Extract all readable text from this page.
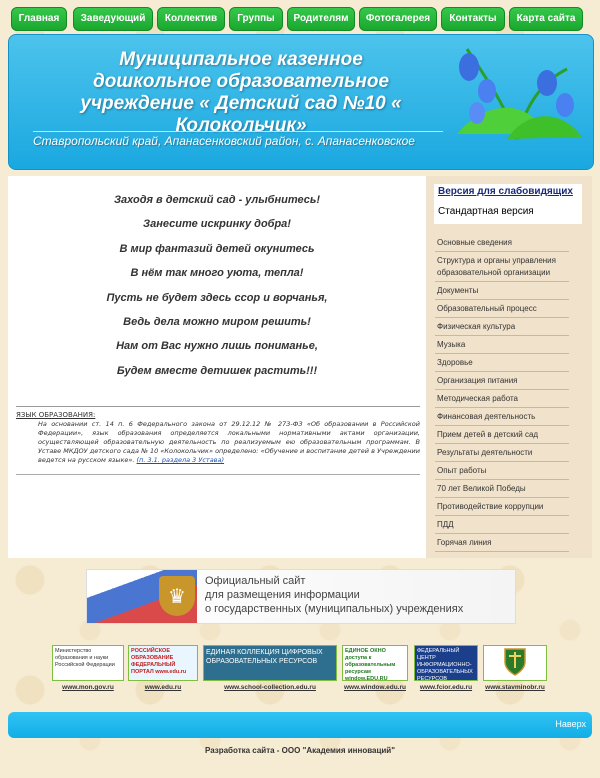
Главная	Заведующий	Коллектив	Группы	Родителям	Фотогалерея	Контакты	Карта сайта
Муниципальное казенное дошкольное образовательное учреждение « Детский сад №10 « Колокольчик»
Ставропольский край, Апанасенковский район, с. Апанасенковское
Заходя в детский сад - улыбнитесь!
Занесите искринку добра!
В мир фантазий детей окунитесь
В нём так много уюта, тепла!
Пусть не будет здесь ссор и ворчанья,
Ведь дела можно миром решить!
Нам от Вас нужно лишь пониманье,
Будем вместе детишек растить!!!
ЯЗЫК ОБРАЗОВАНИЯ:
На основании ст. 14 п. 6 Федерального закона от 29.12.12 № 273-ФЗ «Об образовании в Российской Федерации», язык образования определяется локальными нормативными актами организации, осуществляющей образовательную деятельность по реализуемым ею образовательным программам. В Уставе МКДОУ детского сада № 10 «Колокольчик» определено: «Обучение и воспитание детей в Учреждении ведется на русском языке». (п. 3.1. раздела 3 Устава)
Версия для слабовидящих
Стандартная версия
Основные сведения
Структура и органы управления образовательной организации
Документы
Образовательный процесс
Физическая культура
Музыка
Здоровье
Организация питания
Методическая работа
Финансовая деятельность
Прием детей в детский сад
Результаты деятельности
Опыт работы
70 лет Великой Победы
Противодействие коррупции
ПДД
Горячая линия
♛
Официальный сайт
для размещения информации
о государственных (муниципальных) учреждениях
Министерство образования и науки Российской Федерации
www.mon.gov.ru
РОССИЙСКОЕ ОБРАЗОВАНИЕ ФЕДЕРАЛЬНЫЙ ПОРТАЛ www.edu.ru
www.edu.ru
ЕДИНАЯ КОЛЛЕКЦИЯ ЦИФРОВЫХ ОБРАЗОВАТЕЛЬНЫХ РЕСУРСОВ
www.school-collection.edu.ru
ЕДИНОЕ ОКНО доступа к образовательным ресурсам window.EDU.RU
www.window.edu.ru
ФЕДЕРАЛЬНЫЙ ЦЕНТР ИНФОРМАЦИОННО-ОБРАЗОВАТЕЛЬНЫХ РЕСУРСОВ
www.fcior.edu.ru	www.stavminobr.ru
Наверх
Разработка сайта - ООО "Академия инноваций"
